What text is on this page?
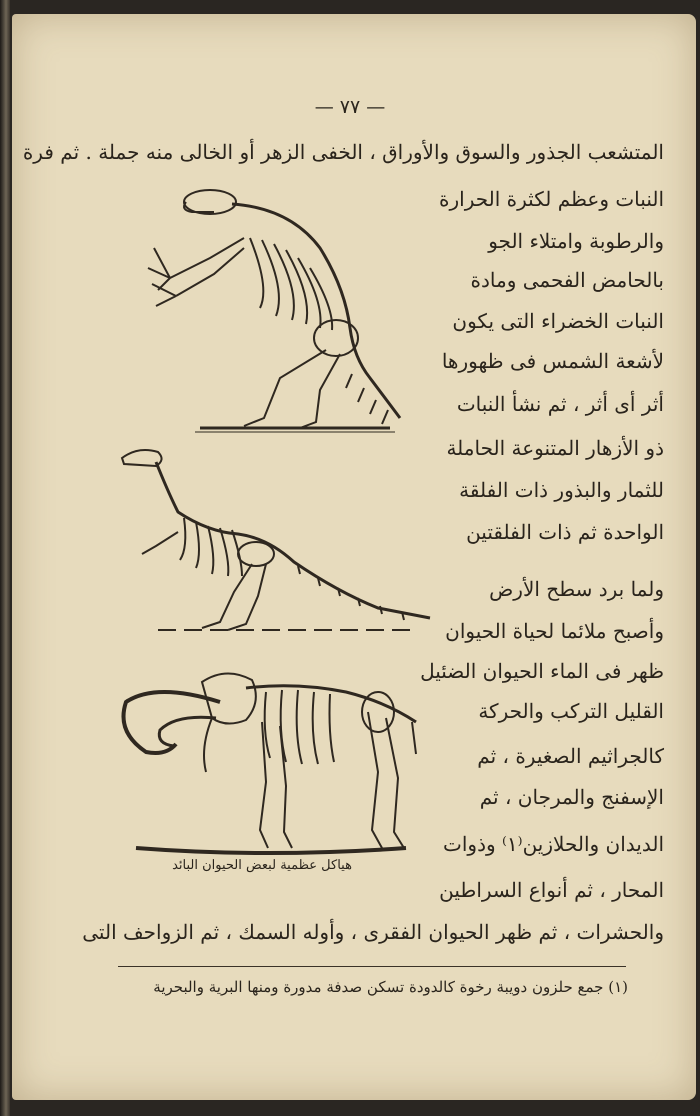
— ٧٧ —
المتشعب الجذور والسوق والأوراق ، الخفى الزهر أو الخالى منه جملة . ثم فرة
النبات وعظم لكثرة الحرارة
والرطوبة وامتلاء الجو
بالحامض الفحمى ومادة
النبات الخضراء التى يكون
لأشعة الشمس فى ظهورها
أثر أى أثر ، ثم نشأ النبات
ذو الأزهار المتنوعة الحاملة
للثمار والبذور ذات الفلقة
الواحدة ثم ذات الفلقتين
ولما برد سطح الأرض
وأصبح ملائما لحياة الحيوان
ظهر فى الماء الحيوان الضئيل
القليل التركب والحركة
كالجراثيم الصغيرة ، ثم
الإسفنج والمرجان ، ثم
الديدان والحلازين⁽١⁾ وذوات
المحار ، ثم أنواع السراطين
والحشرات ، ثم ظهر الحيوان الفقرى ، وأوله السمك ، ثم الزواحف التى
هياكل عظمية لبعض الحيوان البائد
(١) جمع حلزون دويبة رخوة كالدودة تسكن صدفة مدورة ومنها البرية والبحرية
